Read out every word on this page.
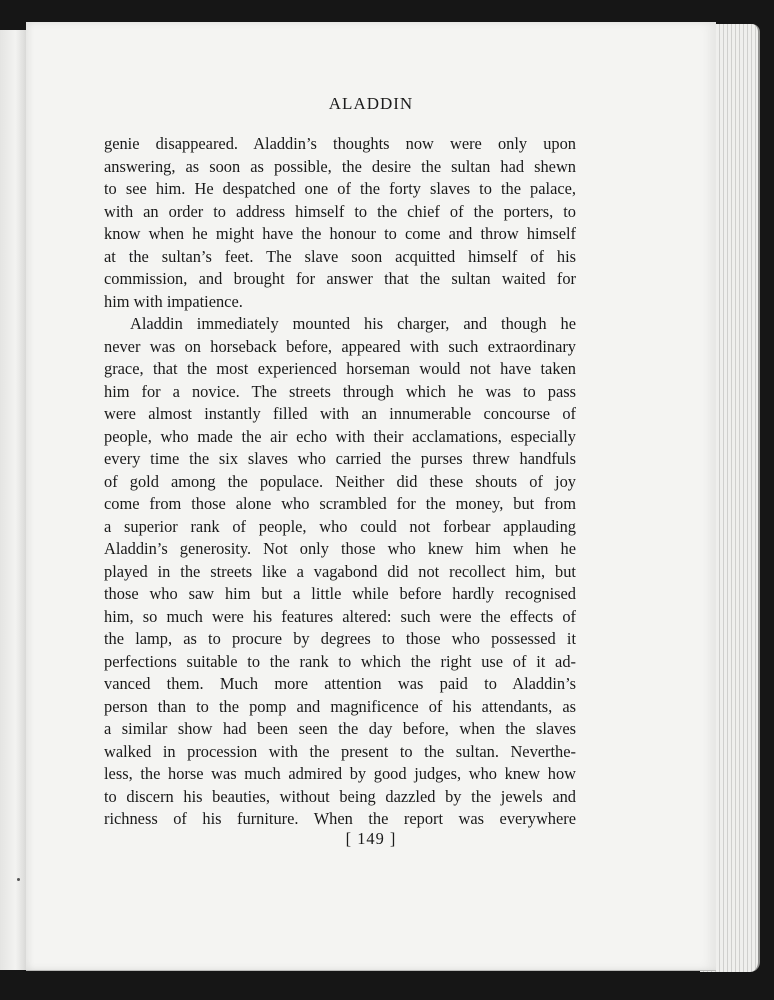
ALADDIN
genie disappeared. Aladdin’s thoughts now were only upon
answering, as soon as possible, the desire the sultan had shewn
to see him. He despatched one of the forty slaves to the palace,
with an order to address himself to the chief of the porters, to
know when he might have the honour to come and throw himself
at the sultan’s feet. The slave soon acquitted himself of his
commission, and brought for answer that the sultan waited for
him with impatience.
Aladdin immediately mounted his charger, and though he
never was on horseback before, appeared with such extraordinary
grace, that the most experienced horseman would not have taken
him for a novice. The streets through which he was to pass
were almost instantly filled with an innumerable concourse of
people, who made the air echo with their acclamations, especially
every time the six slaves who carried the purses threw handfuls
of gold among the populace. Neither did these shouts of joy
come from those alone who scrambled for the money, but from
a superior rank of people, who could not forbear applauding
Aladdin’s generosity. Not only those who knew him when he
played in the streets like a vagabond did not recollect him, but
those who saw him but a little while before hardly recognised
him, so much were his features altered: such were the effects of
the lamp, as to procure by degrees to those who possessed it
perfections suitable to the rank to which the right use of it ad-
vanced them. Much more attention was paid to Aladdin’s
person than to the pomp and magnificence of his attendants, as
a similar show had been seen the day before, when the slaves
walked in procession with the present to the sultan. Neverthe-
less, the horse was much admired by good judges, who knew how
to discern his beauties, without being dazzled by the jewels and
richness of his furniture. When the report was everywhere
[ 149 ]
